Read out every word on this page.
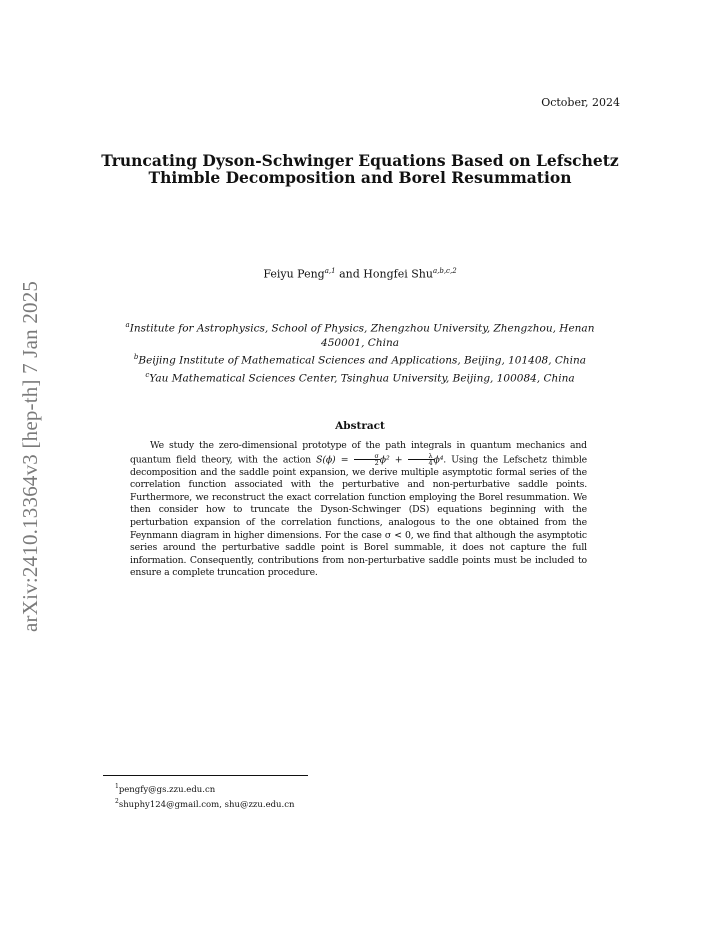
arXiv:2410.13364v3 [hep-th] 7 Jan 2025
October, 2024
Truncating Dyson-Schwinger Equations Based on Lefschetz
Thimble Decomposition and Borel Resummation
Feiyu Peng$^{a,1}$ and Hongfei Shu$^{a,b,c,2}$
$^a$Institute for Astrophysics, School of Physics, Zhengzhou University, Zhengzhou, Henan
450001, China
$^b$Beijing Institute of Mathematical Sciences and Applications, Beijing, 101408, China
$^c$Yau Mathematical Sciences Center, Tsinghua University, Beijing, 100084, China
Abstract
We study the zero-dimensional prototype of the path integrals in quantum mechanics and quantum field theory, with the action $S(\phi) = \frac{\sigma}{2} \phi^2 + \frac{\lambda}{4} \phi^4$. Using the Lefschetz thimble decomposition and the saddle point expansion, we derive multiple asymptotic formal series of the correlation function associated with the perturbative and non-perturbative saddle points. Furthermore, we reconstruct the exact correlation function employing the Borel resummation. We then consider how to truncate the Dyson-Schwinger (DS) equations beginning with the perturbation expansion of the correlation functions, analogous to the one obtained from the Feynmann diagram in higher dimensions. For the case σ < 0, we find that although the asymptotic series around the perturbative saddle point is Borel summable, it does not capture the full information. Consequently, contributions from non-perturbative saddle points must be included to ensure a complete truncation procedure.
$^1$pengfy@gs.zzu.edu.cn
$^2$shuphy124@gmail.com, shu@zzu.edu.cn
